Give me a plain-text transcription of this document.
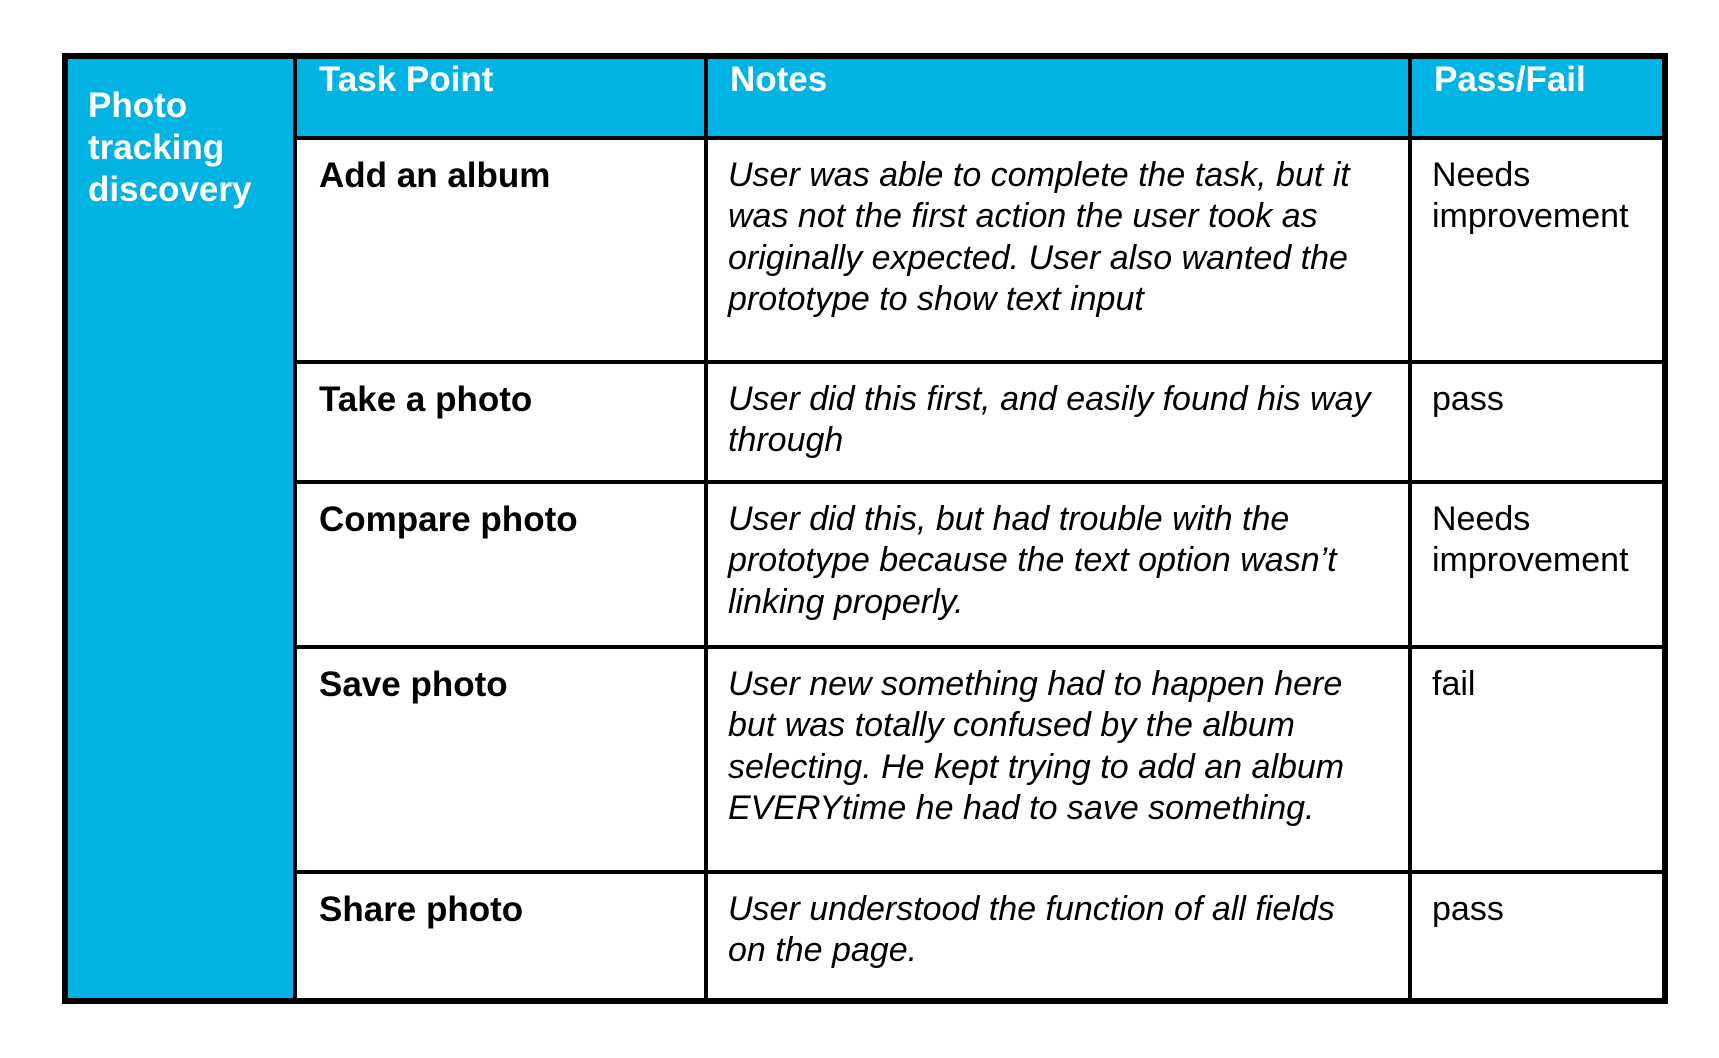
Photo tracking discovery	Task Point	Notes	Pass/Fail
	Add an album	User was able to complete the task, but it was not the first action the user took as originally expected. User also wanted the prototype to show text input	Needs improvement
	Take a photo	User did this first, and easily found his way through	pass
	Compare photo	User did this, but had trouble with the prototype because the text option wasn’t linking properly.	Needs improvement
	Save photo	User new something had to happen here but was totally confused by the album selecting. He kept trying to add an album EVERYtime he had to save something.	fail
	Share photo	User understood the function of all fields on the page.	pass
